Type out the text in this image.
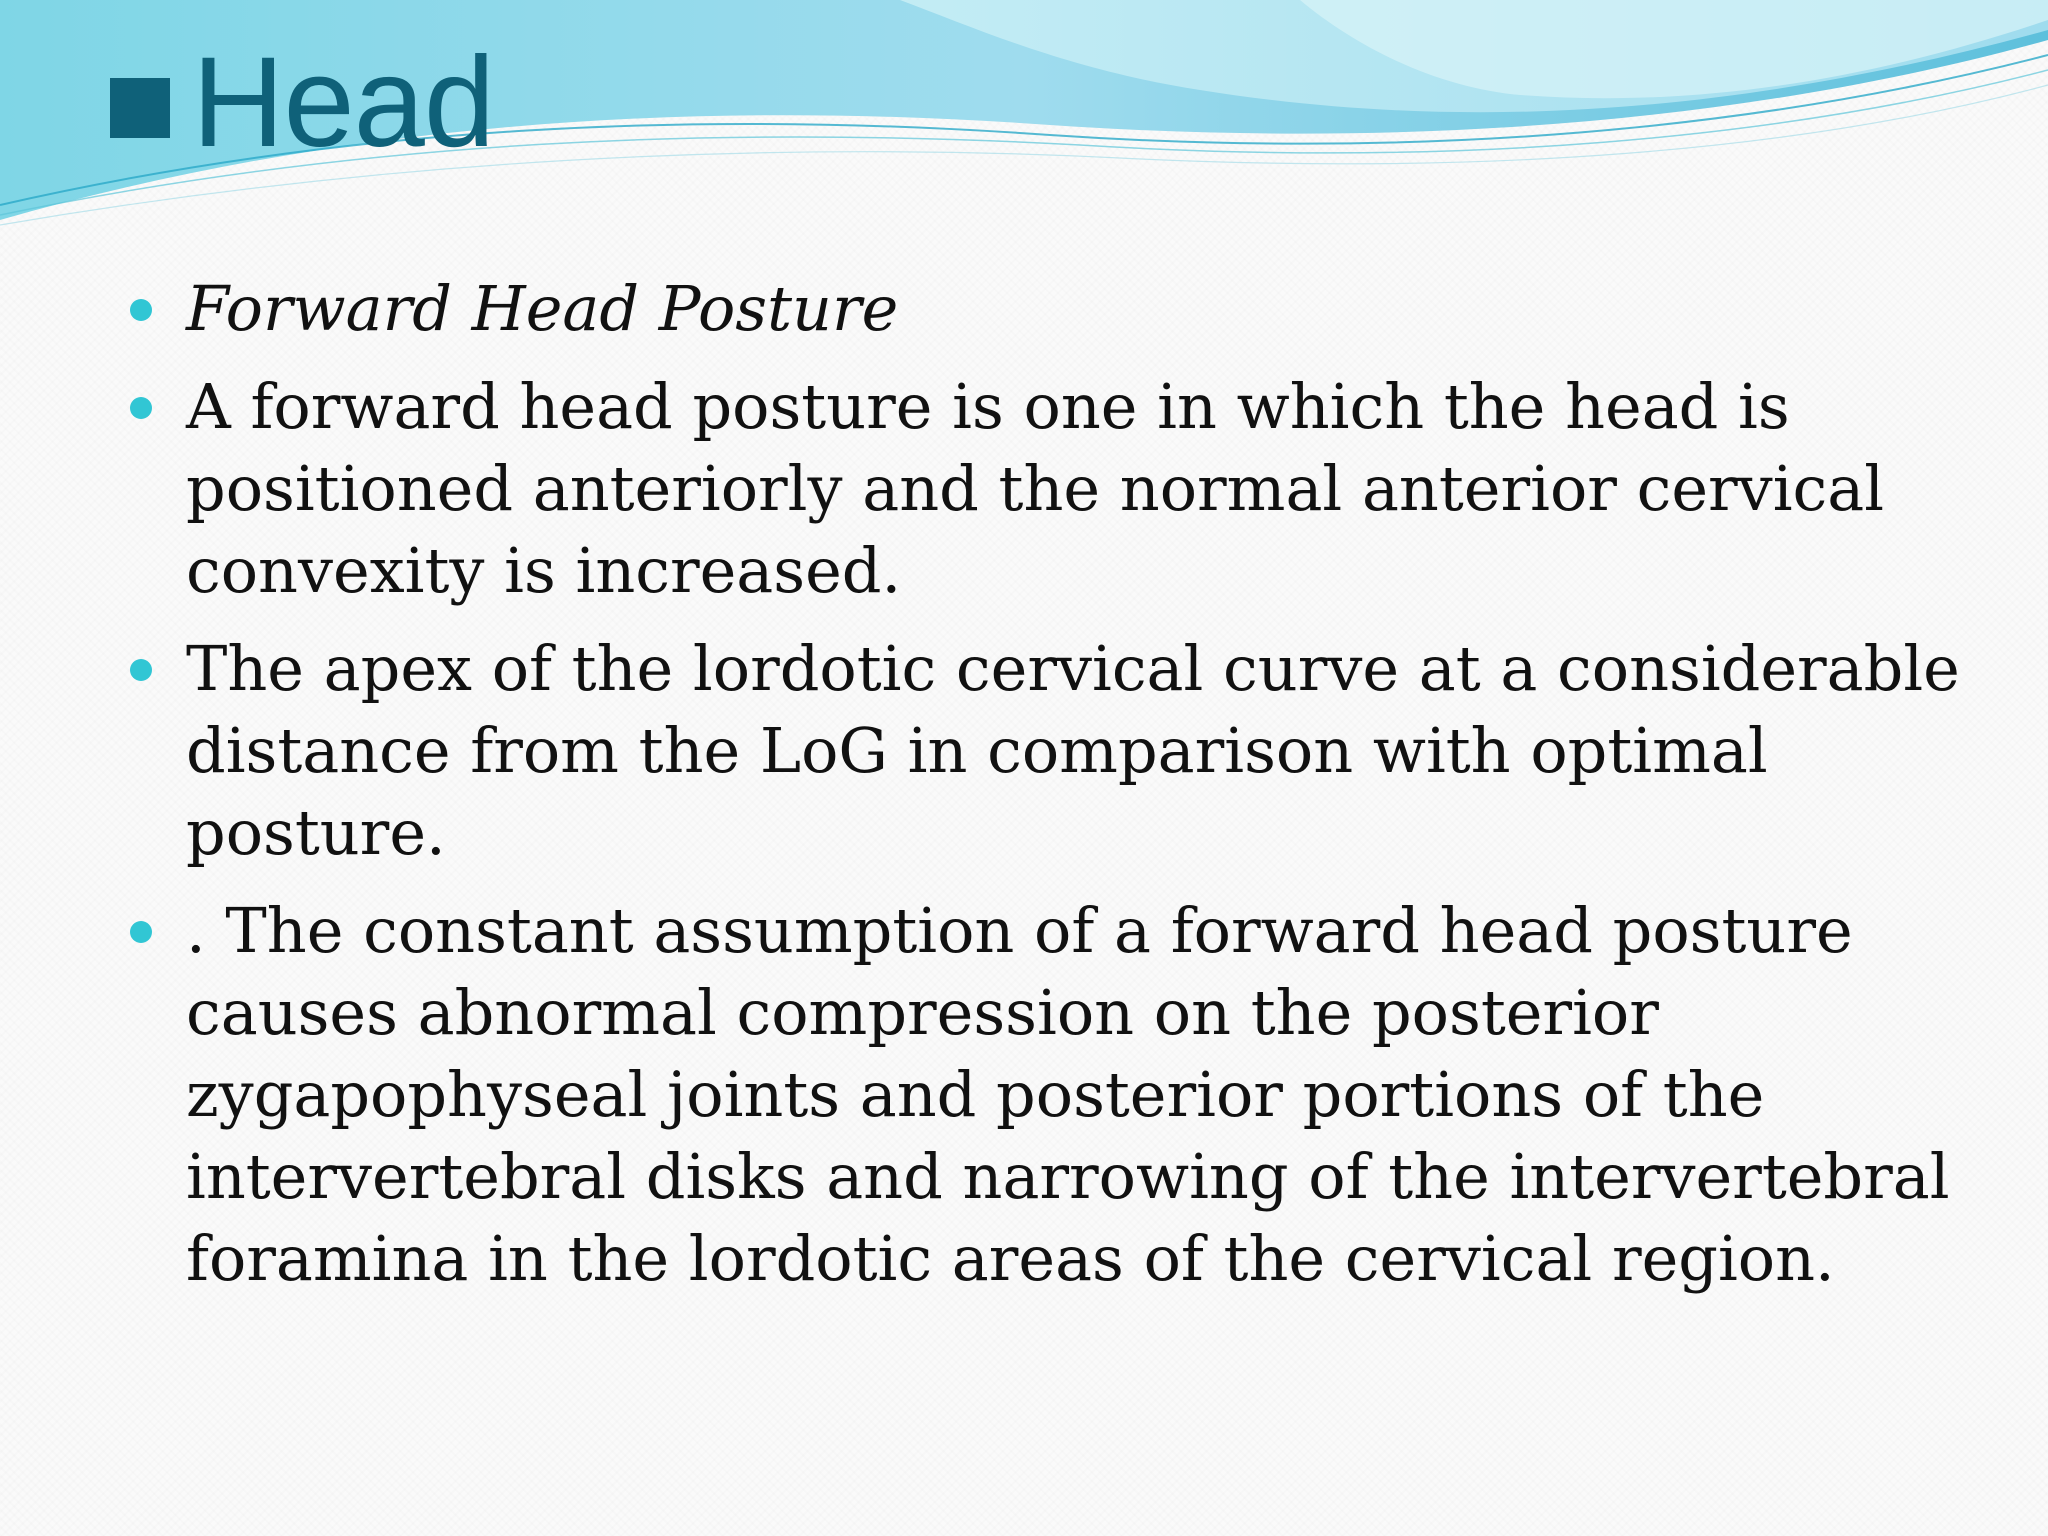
Head
Forward Head Posture
A forward head posture is one in which the head is positioned anteriorly and the normal anterior cervical convexity is increased.
The apex of the lordotic cervical curve at a considerable distance from the LoG in comparison with optimal posture.
. The constant assumption of a forward head posture causes abnormal compression on the posterior zygapophyseal joints and posterior portions of the intervertebral disks and narrowing of the intervertebral foramina in the lordotic areas of the cervical region.
